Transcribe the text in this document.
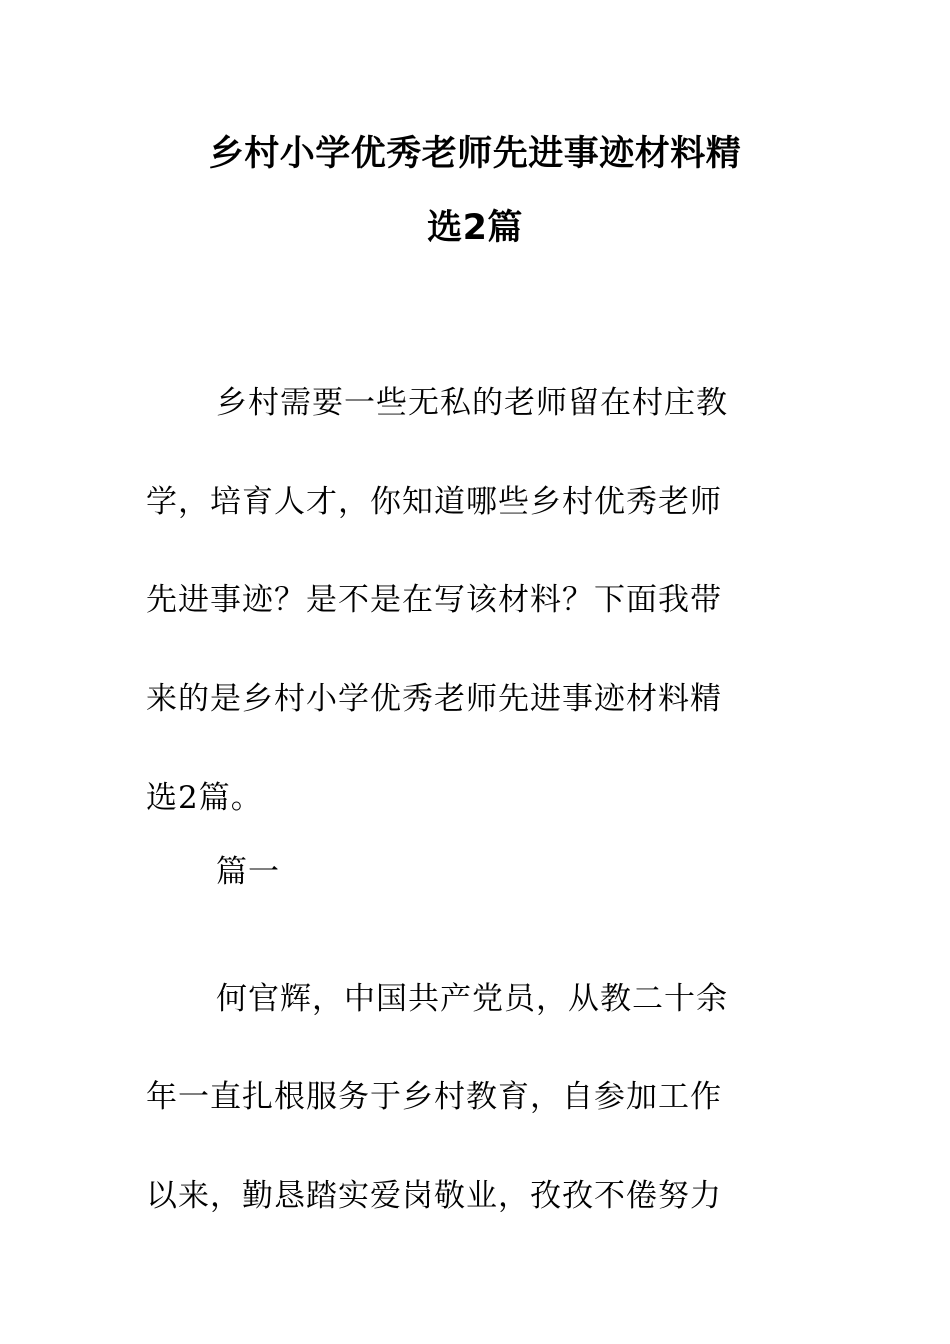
乡村小学优秀老师先进事迹材料精
选2篇
乡村需要一些无私的老师留在村庄教
学，培育人才，你知道哪些乡村优秀老师
先进事迹？是不是在写该材料？下面我带
来的是乡村小学优秀老师先进事迹材料精
选2篇。
篇一
何官辉，中国共产党员，从教二十余
年一直扎根服务于乡村教育，自参加工作
以来，勤恳踏实爱岗敬业，孜孜不倦努力
